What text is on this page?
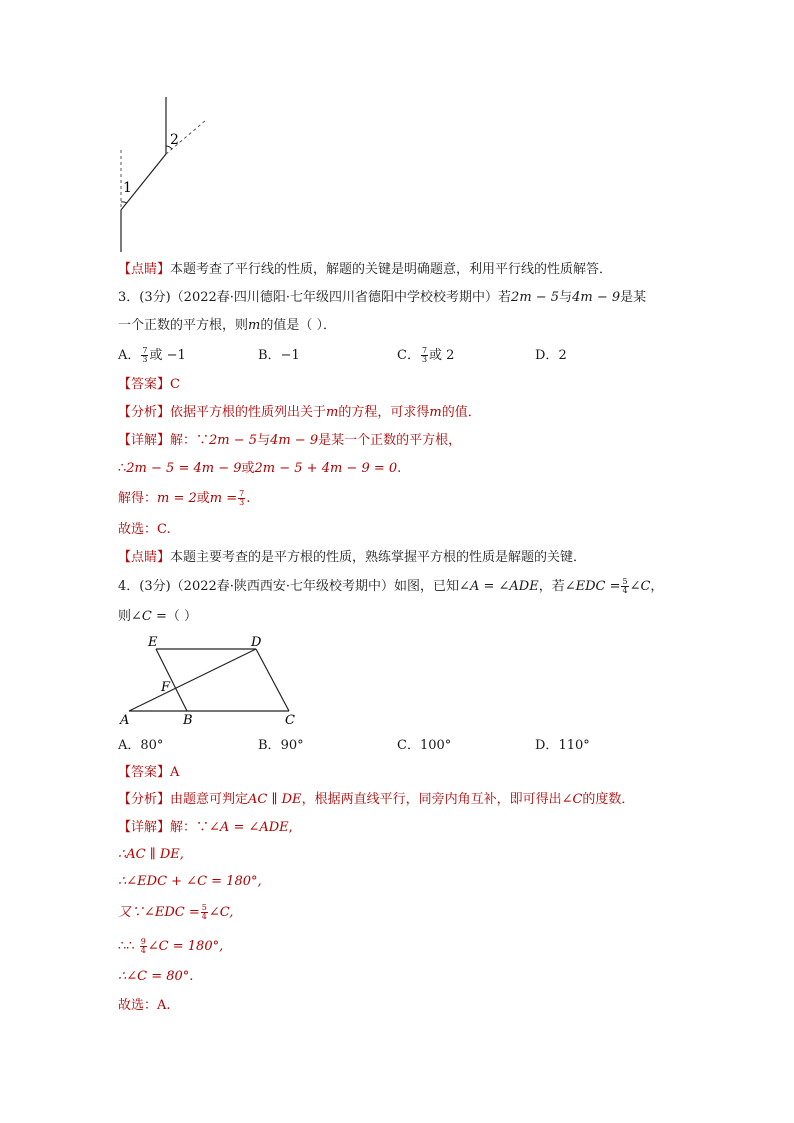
1
2
【点睛】本题考查了平行线的性质，解题的关键是明确题意，利用平行线的性质解答．
3．(3分)（2022春·四川德阳·七年级四川省德阳中学校校考期中）若2m − 5与4m − 9是某
一个正数的平方根，则m的值是（ ）．
A． $\frac{7}{3}$ 或 −1	B．−1	C． $\frac{7}{3}$ 或 2	D．2
【答案】C
【分析】依据平方根的性质列出关于m的方程，可求得m的值．
【详解】解：∵2m − 5与4m − 9是某一个正数的平方根，
∴2m − 5 = 4m − 9或2m − 5 + 4m − 9 = 0.
解得：m = 2或$m = \frac{7}{3}$ .
故选：C.
【点睛】本题主要考查的是平方根的性质，熟练掌握平方根的性质是解题的关键．
4．(3分)（2022春·陕西西安·七年级校考期中）如图，已知∠A = ∠ADE，若∠EDC = $\frac{5}{4}$ ∠C，
则∠C =（ ）
E	D
F
A	B	C
A．80°	B．90°	C．100°	D．110°
【答案】A
【分析】由题意可判定AC ∥ DE，根据两直线平行，同旁内角互补，即可得出∠C的度数．
【详解】解：∵∠A = ∠ADE,
∴AC ∥ DE,
∴∠EDC + ∠C = 180°,
又∵∠EDC = $\frac{5}{4}$ ∠C,
∴∴ $\frac{9}{4}$ ∠C = 180°,
∴∠C = 80°.
故选：A.
